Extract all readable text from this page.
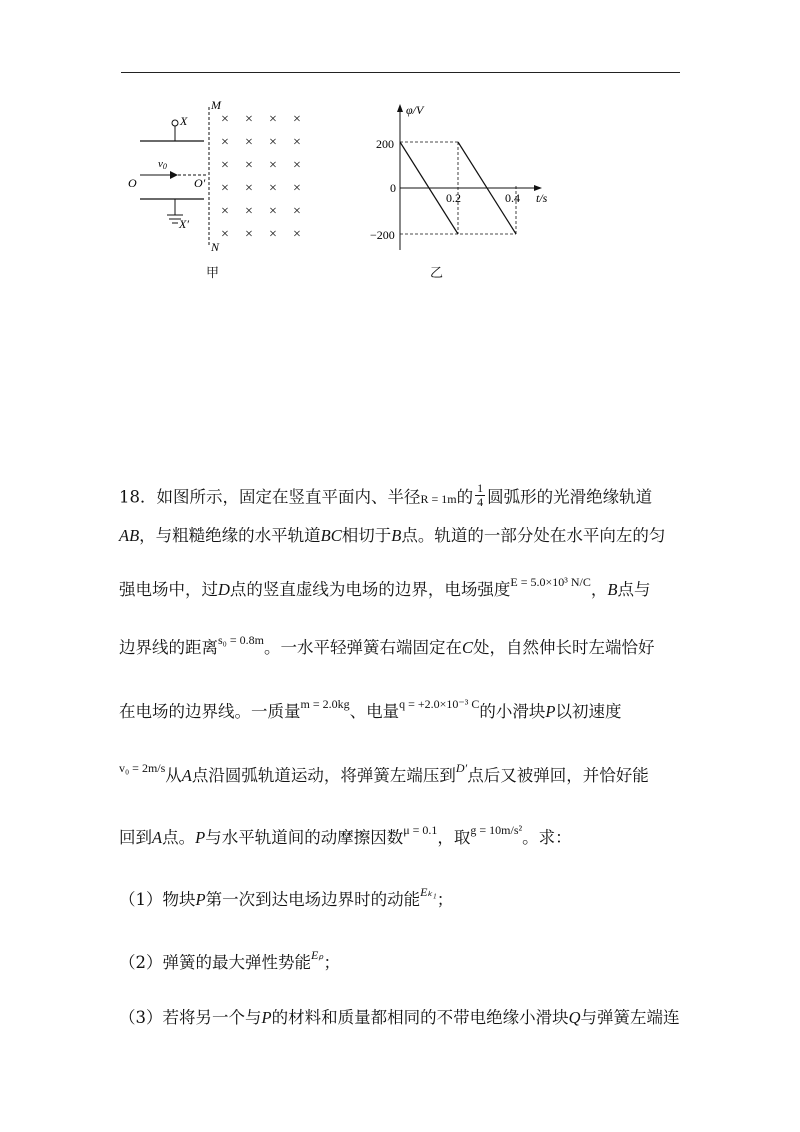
X
X′
O
v0
O′
M
N
× × × ×
× × × ×
× × × ×
× × × ×
× × × ×
× × × ×
甲
φ/V
t/s
200
0
−200
0.2	0.4
乙
18．如图所示，固定在竖直平面内、半径R = 1m的 $\frac{1}{4}$ 圆弧形的光滑绝缘轨道
AB，与粗糙绝缘的水平轨道BC相切于B点。轨道的一部分处在水平向左的匀
强电场中，过D点的竖直虚线为电场的边界，电场强度E = 5.0×10³ N/C，B点与
边界线的距离s₀ = 0.8m。一水平轻弹簧右端固定在C处，自然伸长时左端恰好
在电场的边界线。一质量m = 2.0kg、电量q = +2.0×10⁻³ C的小滑块P以初速度
v₀ = 2m/s从A点沿圆弧轨道运动，将弹簧左端压到D′点后又被弹回，并恰好能
回到A点。P与水平轨道间的动摩擦因数μ = 0.1，取g = 10m/s²。求：
（1）物块P第一次到达电场边界时的动能Eₖ₁；
（2）弹簧的最大弹性势能Eₚ；
（3）若将另一个与P的材料和质量都相同的不带电绝缘小滑块Q与弹簧左端连
